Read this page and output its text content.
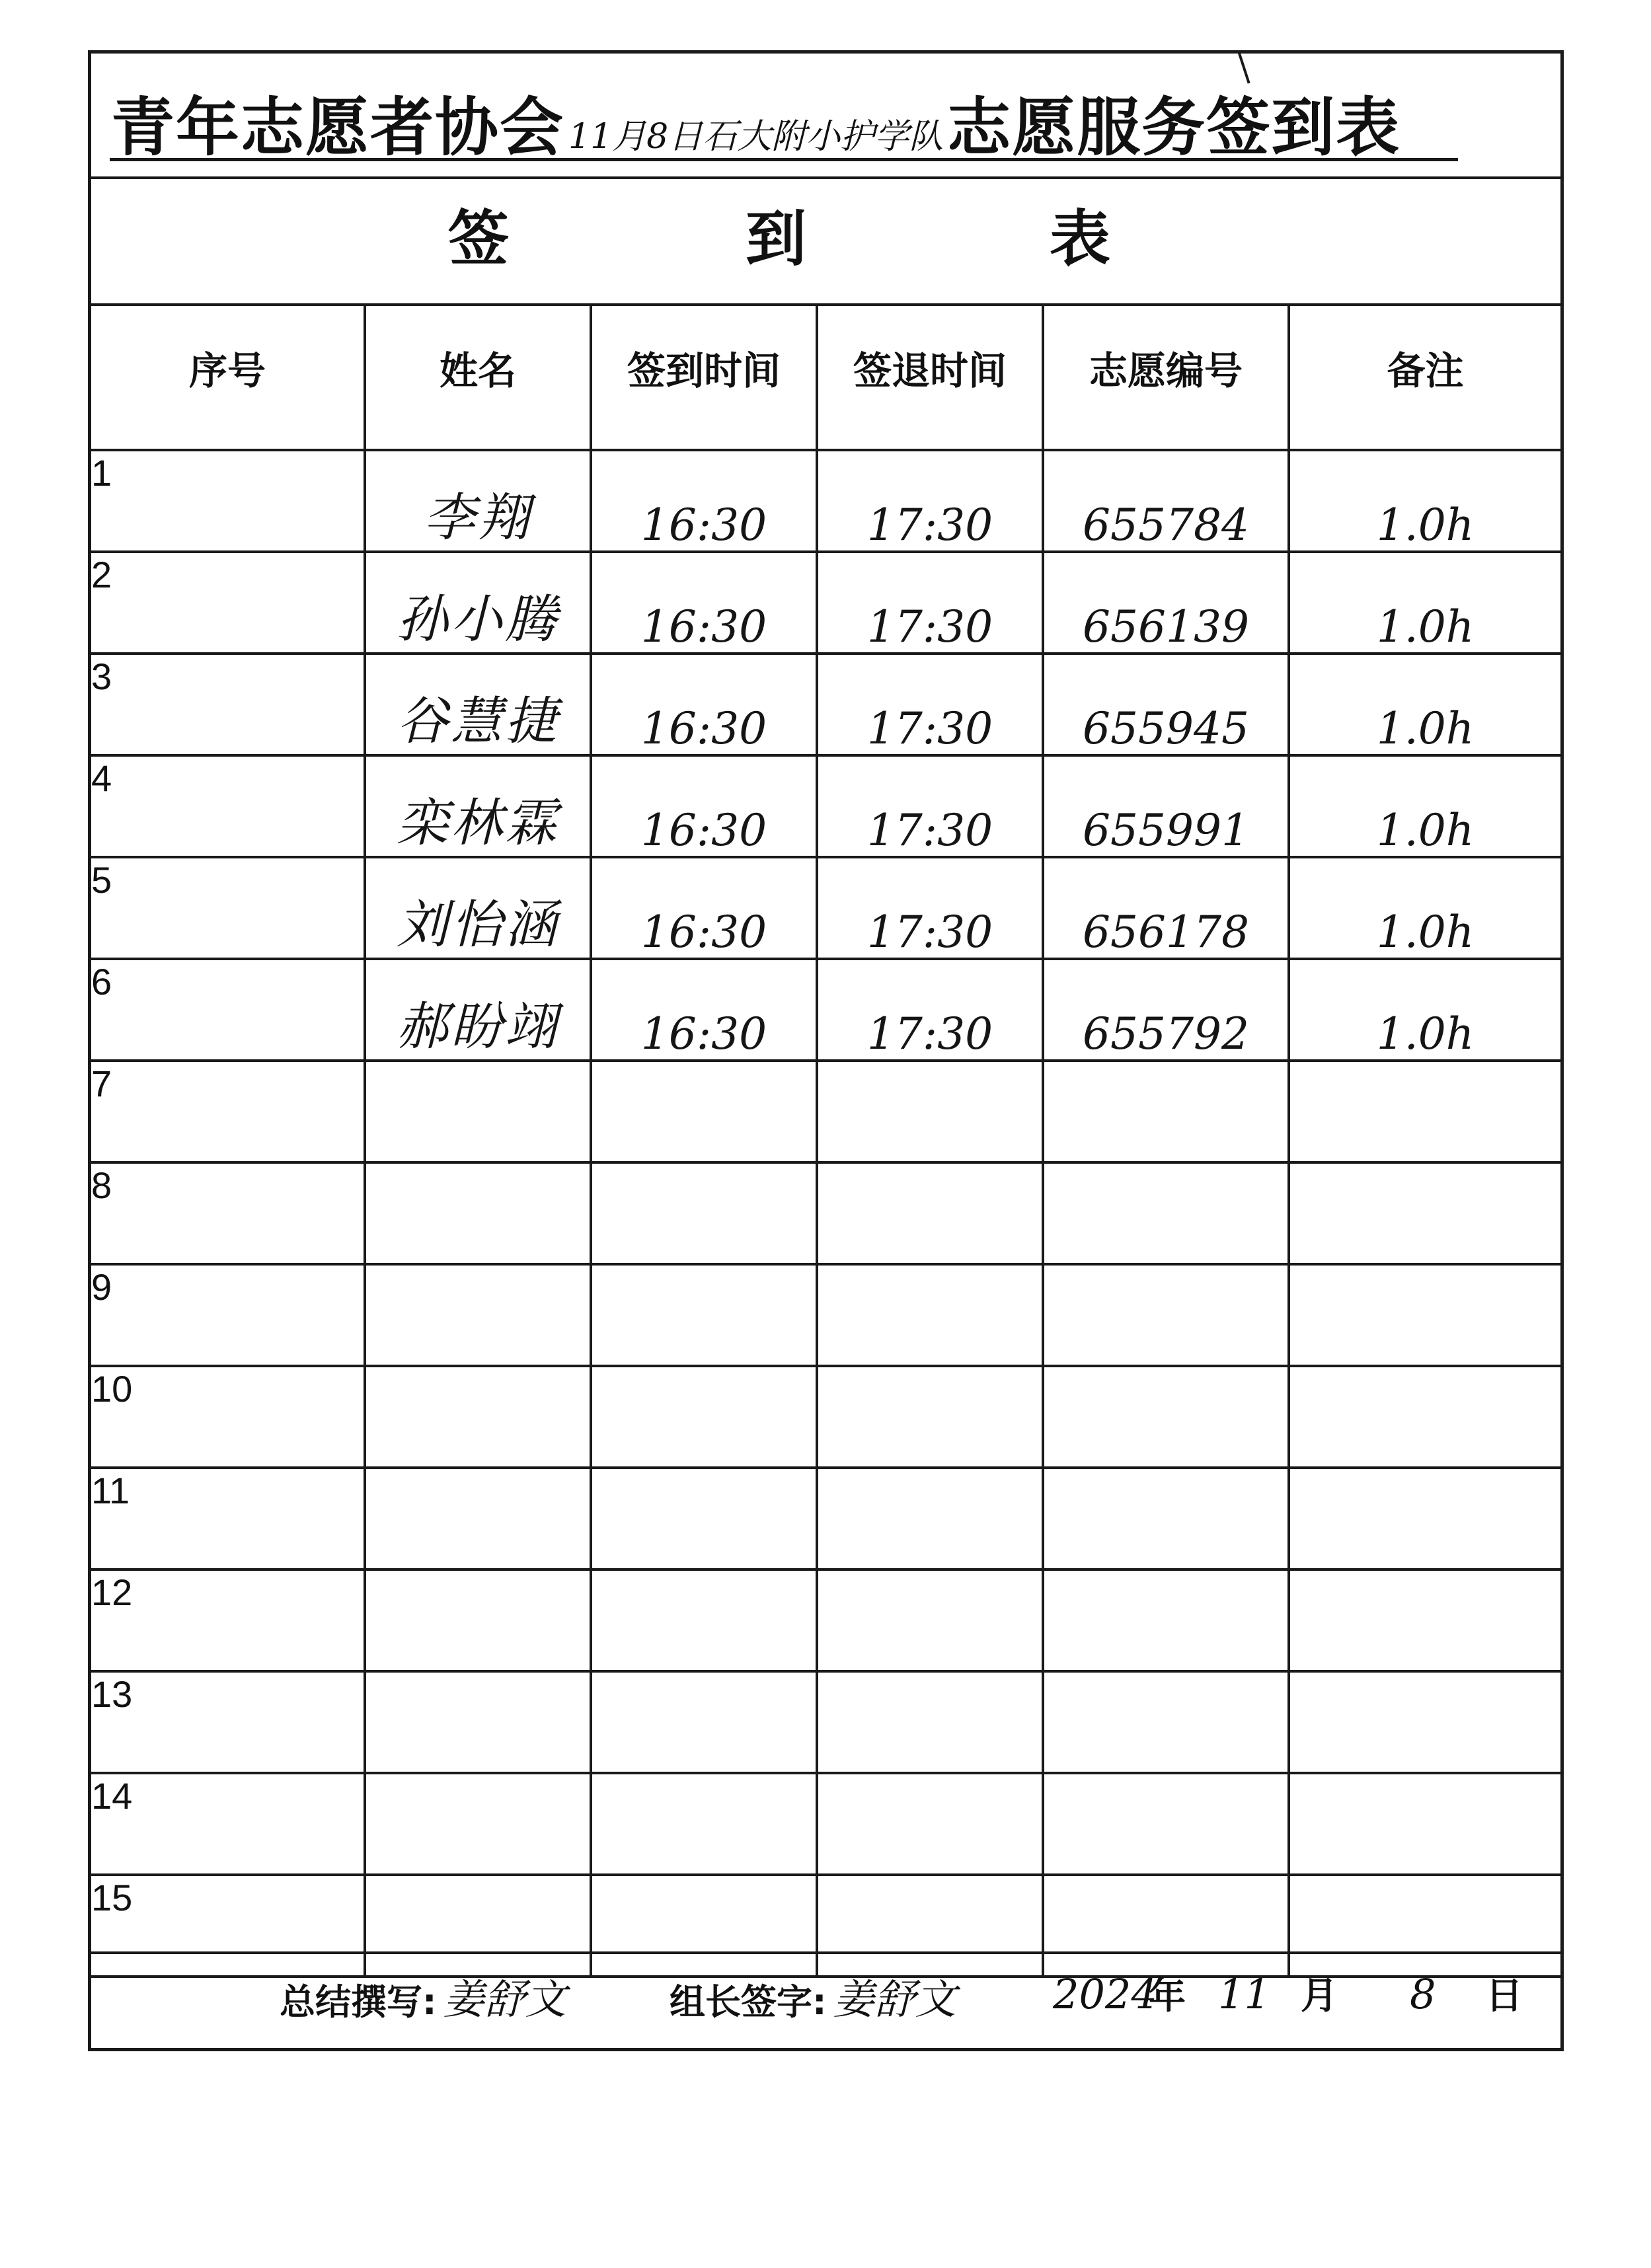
青年志愿者协会 11月8日石大附小护学队 志愿服务签到表
签	到	表
序号	姓名	签到时间	签退时间	志愿编号	备注
1	李翔	16:30	17:30	655784	1.0h
2	孙小腾	16:30	17:30	656139	1.0h
3	谷慧捷	16:30	17:30	655945	1.0h
4	栾林霖	16:30	17:30	655991	1.0h
5	刘怡涵	16:30	17:30	656178	1.0h
6	郝盼翊	16:30	17:30	655792	1.0h
7					
8					
9					
10					
11					
12					
13					
14					
15					
总结撰写: 姜舒文	组长签字: 姜舒文 2024
年 11 月 8 日
